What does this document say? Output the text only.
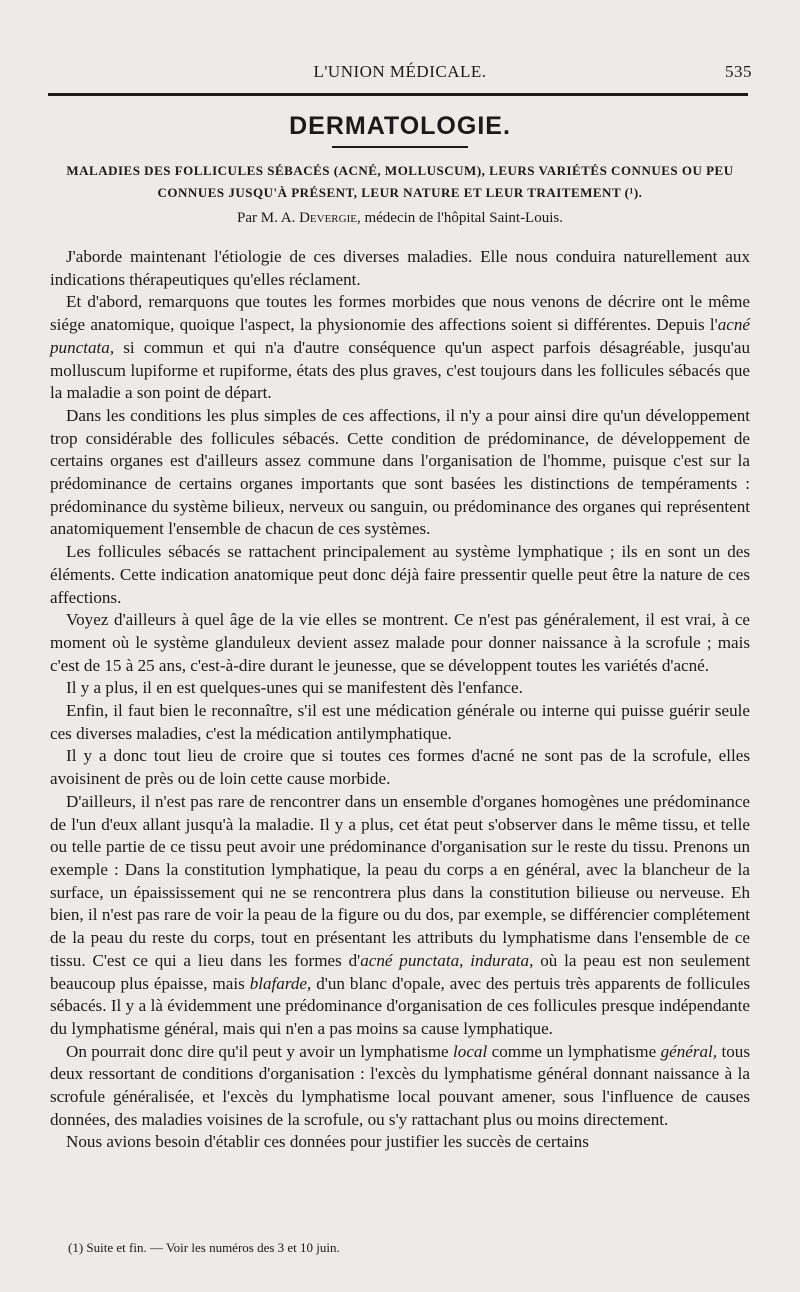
L'UNION MÉDICALE.	535
DERMATOLOGIE.
MALADIES DES FOLLICULES SÉBACÉS (ACNÉ, MOLLUSCUM), LEURS VARIÉTÉS CONNUES OU PEU CONNUES JUSQU'À PRÉSENT, LEUR NATURE ET LEUR TRAITEMENT (¹).
Par M. A. Devergie, médecin de l'hôpital Saint-Louis.

J'aborde maintenant l'étiologie de ces diverses maladies. Elle nous conduira naturellement aux indications thérapeutiques qu'elles réclament.

Et d'abord, remarquons que toutes les formes morbides que nous venons de décrire ont le même siége anatomique, quoique l'aspect, la physionomie des affections soient si différentes. Depuis l'acné punctata, si commun et qui n'a d'autre conséquence qu'un aspect parfois désagréable, jusqu'au molluscum lupiforme et rupiforme, états des plus graves, c'est toujours dans les follicules sébacés que la maladie a son point de départ.

Dans les conditions les plus simples de ces affections, il n'y a pour ainsi dire qu'un développement trop considérable des follicules sébacés. Cette condition de prédominance, de développement de certains organes est d'ailleurs assez commune dans l'organisation de l'homme, puisque c'est sur la prédominance de certains organes importants que sont basées les distinctions de tempéraments : prédominance du système bilieux, nerveux ou sanguin, ou prédominance des organes qui représentent anatomiquement l'ensemble de chacun de ces systèmes.

Les follicules sébacés se rattachent principalement au système lymphatique ; ils en sont un des éléments. Cette indication anatomique peut donc déjà faire pressentir quelle peut être la nature de ces affections.

Voyez d'ailleurs à quel âge de la vie elles se montrent. Ce n'est pas généralement, il est vrai, à ce moment où le système glanduleux devient assez malade pour donner naissance à la scrofule ; mais c'est de 15 à 25 ans, c'est-à-dire durant le jeunesse, que se développent toutes les variétés d'acné.

Il y a plus, il en est quelques-unes qui se manifestent dès l'enfance.

Enfin, il faut bien le reconnaître, s'il est une médication générale ou interne qui puisse guérir seule ces diverses maladies, c'est la médication antilymphatique.

Il y a donc tout lieu de croire que si toutes ces formes d'acné ne sont pas de la scrofule, elles avoisinent de près ou de loin cette cause morbide.

D'ailleurs, il n'est pas rare de rencontrer dans un ensemble d'organes homogènes une prédominance de l'un d'eux allant jusqu'à la maladie. Il y a plus, cet état peut s'observer dans le même tissu, et telle ou telle partie de ce tissu peut avoir une prédominance d'organisation sur le reste du tissu. Prenons un exemple : Dans la constitution lymphatique, la peau du corps a en général, avec la blancheur de la surface, un épaississement qui ne se rencontrera plus dans la constitution bilieuse ou nerveuse. Eh bien, il n'est pas rare de voir la peau de la figure ou du dos, par exemple, se différencier complétement de la peau du reste du corps, tout en présentant les attributs du lymphatisme dans l'ensemble de ce tissu. C'est ce qui a lieu dans les formes d'acné punctata, indurata, où la peau est non seulement beaucoup plus épaisse, mais blafarde, d'un blanc d'opale, avec des pertuis très apparents de follicules sébacés. Il y a là évidemment une prédominance d'organisation de ces follicules presque indépendante du lymphatisme général, mais qui n'en a pas moins sa cause lymphatique.

On pourrait donc dire qu'il peut y avoir un lymphatisme local comme un lymphatisme général, tous deux ressortant de conditions d'organisation : l'excès du lymphatisme général donnant naissance à la scrofule généralisée, et l'excès du lymphatisme local pouvant amener, sous l'influence de causes données, des maladies voisines de la scrofule, ou s'y rattachant plus ou moins directement.

Nous avions besoin d'établir ces données pour justifier les succès de certains

(1) Suite et fin. — Voir les numéros des 3 et 10 juin.
